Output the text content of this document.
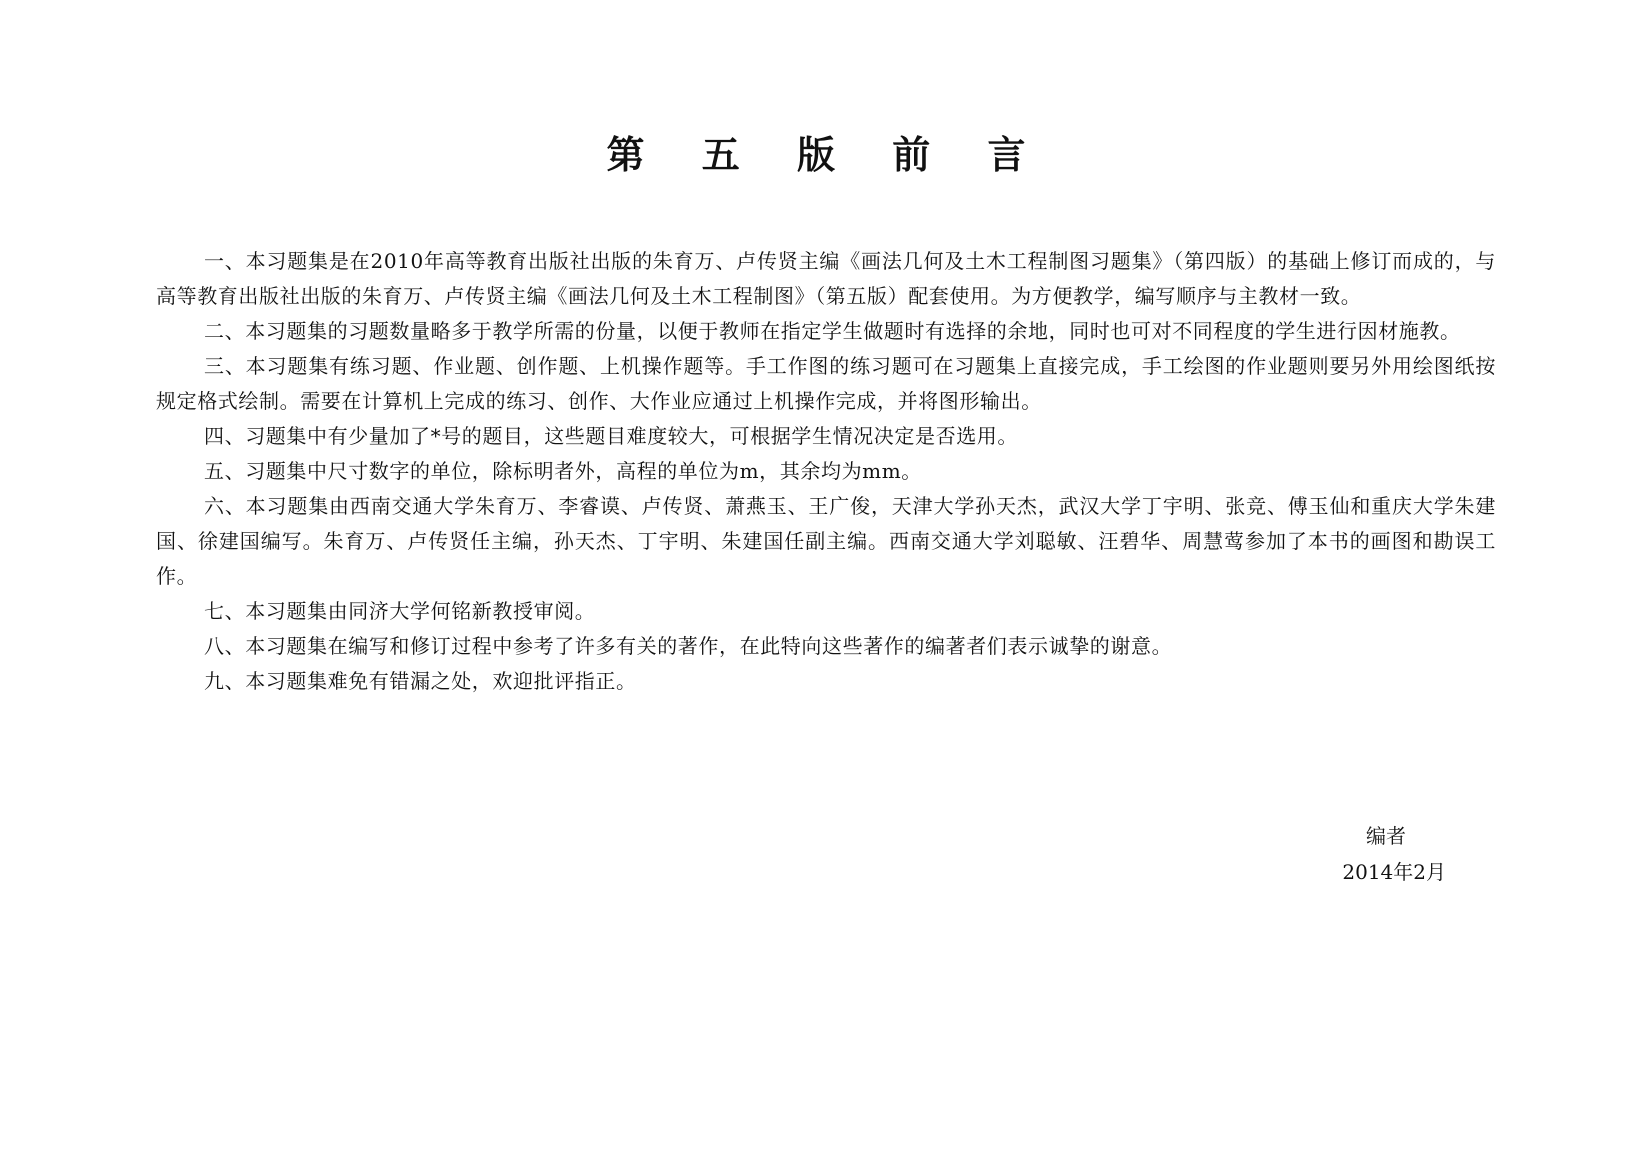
第 五 版 前 言

一、本习题集是在2010年高等教育出版社出版的朱育万、卢传贤主编《画法几何及土木工程制图习题集》（第四版）的基础上修订而成的，与高等教育出版社出版的朱育万、卢传贤主编《画法几何及土木工程制图》（第五版）配套使用。为方便教学，编写顺序与主教材一致。

二、本习题集的习题数量略多于教学所需的份量，以便于教师在指定学生做题时有选择的余地，同时也可对不同程度的学生进行因材施教。

三、本习题集有练习题、作业题、创作题、上机操作题等。手工作图的练习题可在习题集上直接完成，手工绘图的作业题则要另外用绘图纸按规定格式绘制。需要在计算机上完成的练习、创作、大作业应通过上机操作完成，并将图形输出。

四、习题集中有少量加了*号的题目，这些题目难度较大，可根据学生情况决定是否选用。

五、习题集中尺寸数字的单位，除标明者外，高程的单位为m，其余均为mm。

六、本习题集由西南交通大学朱育万、李睿谟、卢传贤、萧燕玉、王广俊，天津大学孙天杰，武汉大学丁宇明、张竞、傅玉仙和重庆大学朱建国、徐建国编写。朱育万、卢传贤任主编，孙天杰、丁宇明、朱建国任副主编。西南交通大学刘聪敏、汪碧华、周慧莺参加了本书的画图和勘误工作。

七、本习题集由同济大学何铭新教授审阅。

八、本习题集在编写和修订过程中参考了许多有关的著作，在此特向这些著作的编著者们表示诚挚的谢意。

九、本习题集难免有错漏之处，欢迎批评指正。

编者
2014年2月
